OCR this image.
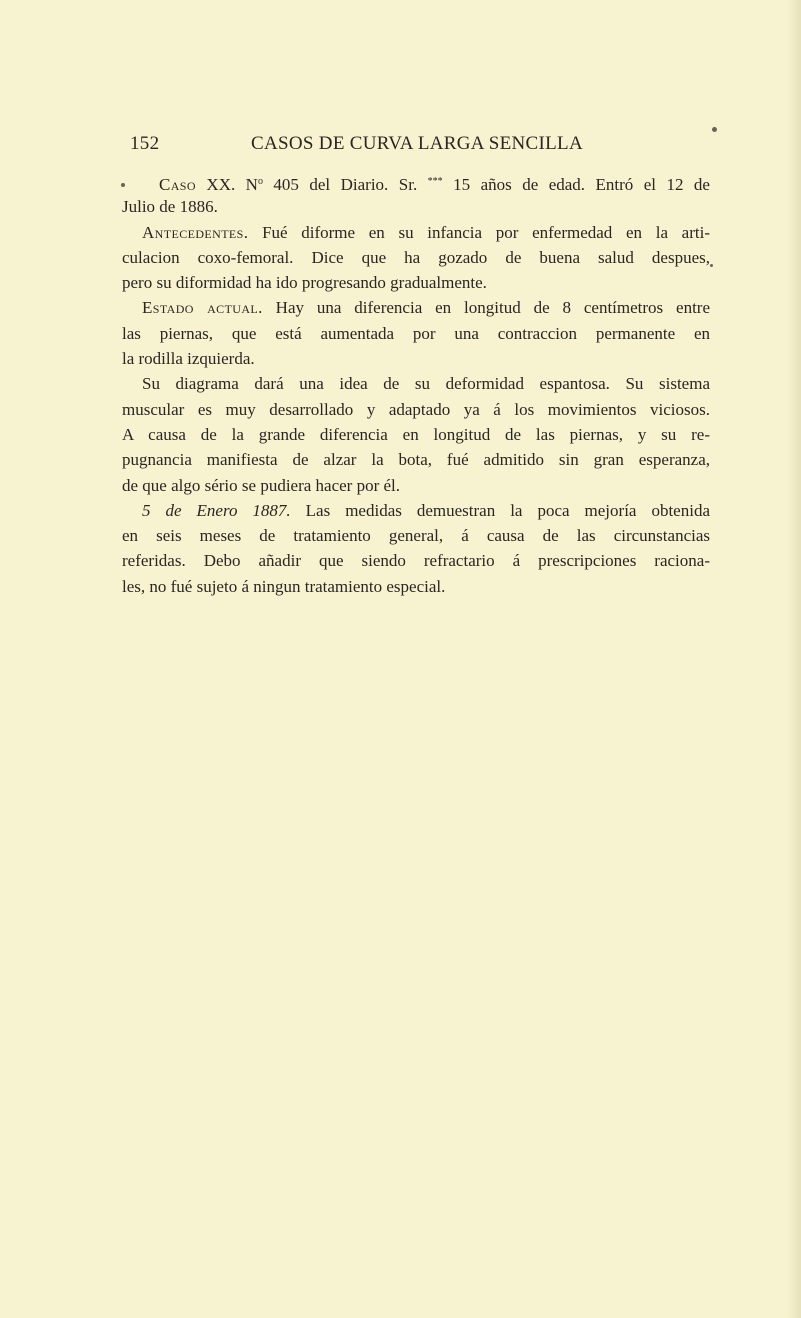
152	CASOS DE CURVA LARGA SENCILLA
 Caso XX. $N^o$ 405 del Diario. Sr. *** 15 años de edad. Entró el 12 de
Julio de 1886.
Antecedentes. Fué diforme en su infancia por enfermedad en la arti-
culacion coxo-femoral. Dice que ha gozado de buena salud despues,
pero su diformidad ha ido progresando gradualmente.
Estado actual. Hay una diferencia en longitud de 8 centímetros entre
las piernas, que está aumentada por una contraccion permanente en
la rodilla izquierda.
Su diagrama dará una idea de su deformidad espantosa. Su sistema
muscular es muy desarrollado y adaptado ya á los movimientos viciosos.
A causa de la grande diferencia en longitud de las piernas, y su re-
pugnancia manifiesta de alzar la bota, fué admitido sin gran esperanza,
de que algo sério se pudiera hacer por él.
5 de Enero 1887. Las medidas demuestran la poca mejoría obtenida
en seis meses de tratamiento general, á causa de las circunstancias
referidas. Debo añadir que siendo refractario á prescripciones raciona-
les, no fué sujeto á ningun tratamiento especial.
